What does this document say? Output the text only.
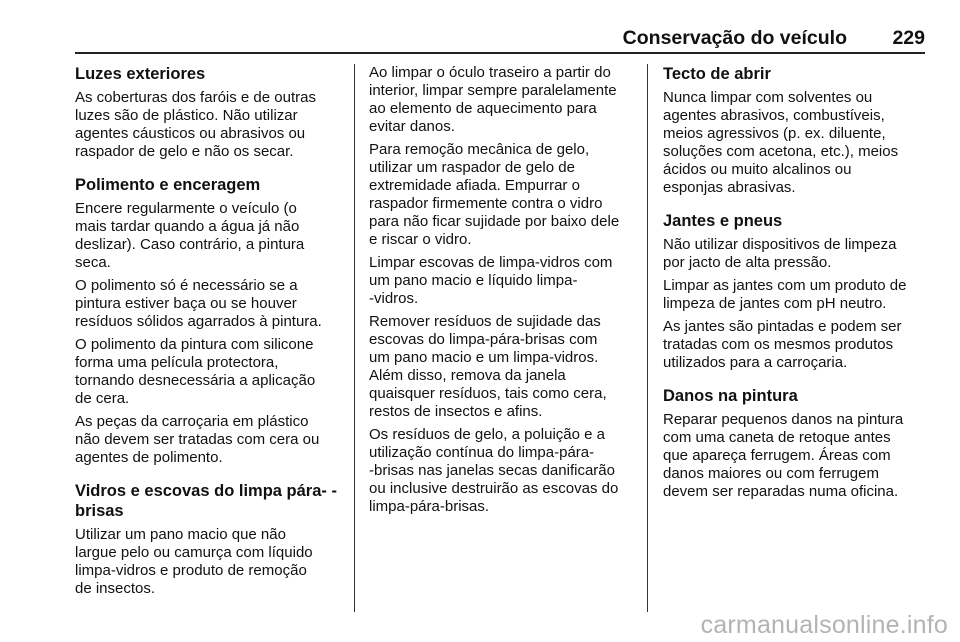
Conservação do veículo 229
Luzes exteriores

As coberturas dos faróis e de outras
luzes são de plástico. Não utilizar
agentes cáusticos ou abrasivos ou
raspador de gelo e não os secar.

Polimento e enceragem

Encere regularmente o veículo (o
mais tardar quando a água já não
deslizar). Caso contrário, a pintura
seca.

O polimento só é necessário se a
pintura estiver baça ou se houver
resíduos sólidos agarrados à pintura.

O polimento da pintura com silicone
forma uma película protectora,
tornando desnecessária a aplicação
de cera.

As peças da carroçaria em plástico
não devem ser tratadas com cera ou
agentes de polimento.

Vidros e escovas do limpa pára- -brisas

Utilizar um pano macio que não
largue pelo ou camurça com líquido
limpa-vidros e produto de remoção
de insectos.

Ao limpar o óculo traseiro a partir do
interior, limpar sempre paralelamente
ao elemento de aquecimento para
evitar danos.

Para remoção mecânica de gelo,
utilizar um raspador de gelo de
extremidade afiada. Empurrar o
raspador firmemente contra o vidro
para não ficar sujidade por baixo dele
e riscar o vidro.

Limpar escovas de limpa-vidros com
um pano macio e líquido limpa-
-vidros.

Remover resíduos de sujidade das
escovas do limpa-pára-brisas com
um pano macio e um limpa-vidros.
Além disso, remova da janela
quaisquer resíduos, tais como cera,
restos de insectos e afins.

Os resíduos de gelo, a poluição e a
utilização contínua do limpa-pára-
-brisas nas janelas secas danificarão
ou inclusive destruirão as escovas do
limpa-pára-brisas.

Tecto de abrir

Nunca limpar com solventes ou
agentes abrasivos, combustíveis,
meios agressivos (p. ex. diluente,
soluções com acetona, etc.), meios
ácidos ou muito alcalinos ou
esponjas abrasivas.

Jantes e pneus

Não utilizar dispositivos de limpeza
por jacto de alta pressão.

Limpar as jantes com um produto de
limpeza de jantes com pH neutro.

As jantes são pintadas e podem ser
tratadas com os mesmos produtos
utilizados para a carroçaria.

Danos na pintura

Reparar pequenos danos na pintura
com uma caneta de retoque antes
que apareça ferrugem. Áreas com
danos maiores ou com ferrugem
devem ser reparadas numa oficina.

carmanualsonline.info
